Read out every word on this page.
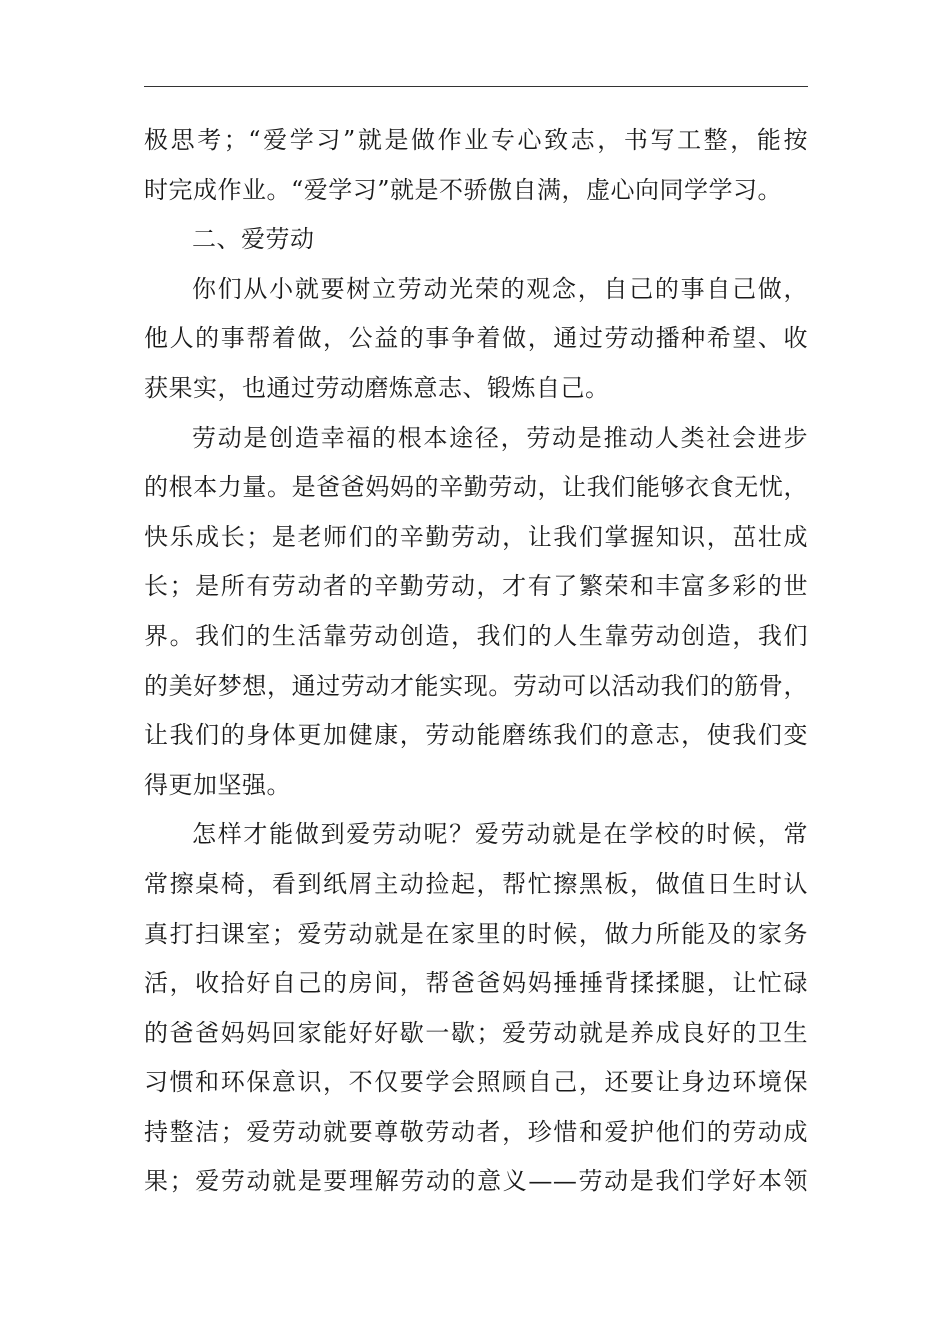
极思考；“爱学习”就是做作业专心致志，书写工整，能按
时完成作业。“爱学习”就是不骄傲自满，虚心向同学学习。
二、爱劳动
你们从小就要树立劳动光荣的观念，自己的事自己做，
他人的事帮着做，公益的事争着做，通过劳动播种希望、收
获果实，也通过劳动磨炼意志、锻炼自己。
劳动是创造幸福的根本途径，劳动是推动人类社会进步
的根本力量。是爸爸妈妈的辛勤劳动，让我们能够衣食无忧，
快乐成长；是老师们的辛勤劳动，让我们掌握知识，茁壮成
长；是所有劳动者的辛勤劳动，才有了繁荣和丰富多彩的世
界。我们的生活靠劳动创造，我们的人生靠劳动创造，我们
的美好梦想，通过劳动才能实现。劳动可以活动我们的筋骨，
让我们的身体更加健康，劳动能磨练我们的意志，使我们变
得更加坚强。
怎样才能做到爱劳动呢？爱劳动就是在学校的时候，常
常擦桌椅，看到纸屑主动捡起，帮忙擦黑板，做值日生时认
真打扫课室；爱劳动就是在家里的时候，做力所能及的家务
活，收拾好自己的房间，帮爸爸妈妈捶捶背揉揉腿，让忙碌
的爸爸妈妈回家能好好歇一歇；爱劳动就是养成良好的卫生
习惯和环保意识，不仅要学会照顾自己，还要让身边环境保
持整洁；爱劳动就要尊敬劳动者，珍惜和爱护他们的劳动成
果；爱劳动就是要理解劳动的意义——劳动是我们学好本领
